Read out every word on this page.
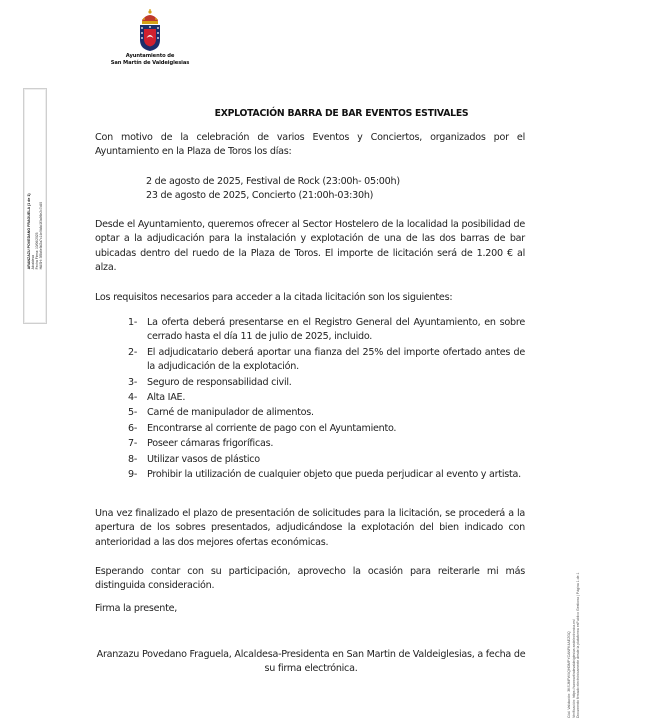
Ayuntamiento de
San Martín de Valdeiglesias
ARANZAZU POVEDANO FRAGUELA (1 de 1) Alcaldesa Fecha Firma: 10/06/2025 HASH: 3f5b6e9d2a7c14e0b8d1f3a96e2c7d40
Cód. Validación: 3KSJMFWXQHDMPYCANFK4AEZGQ Verificación: https://sanmartindevaldeiglesias.sedelectronica.es/ Documento firmado electrónicamente desde la plataforma esPublico Gestiona | Página 1 de 1
EXPLOTACIÓN BARRA DE BAR EVENTOS ESTIVALES

Con motivo de la celebración de varios Eventos y Conciertos, organizados por el Ayuntamiento en la Plaza de Toros los días:

2 de agosto de 2025, Festival de Rock (23:00h- 05:00h)
23 de agosto de 2025, Concierto (21:00h-03:30h)

Desde el Ayuntamiento, queremos ofrecer al Sector Hostelero de la localidad la posibilidad de optar a la adjudicación para la instalación y explotación de una de las dos barras de bar ubicadas dentro del ruedo de la Plaza de Toros. El importe de licitación será de 1.200 € al alza.

Los requisitos necesarios para acceder a la citada licitación son los siguientes:

1- La oferta deberá presentarse en el Registro General del Ayuntamiento, en sobre cerrado hasta el día 11 de julio de 2025, incluido.
2- El adjudicatario deberá aportar una fianza del 25% del importe ofertado antes de la adjudicación de la explotación.
3- Seguro de responsabilidad civil.
4- Alta IAE.
5- Carné de manipulador de alimentos.
6- Encontrarse al corriente de pago con el Ayuntamiento.
7- Poseer cámaras frigoríficas.
8- Utilizar vasos de plástico
9- Prohibir la utilización de cualquier objeto que pueda perjudicar al evento y artista.

Una vez finalizado el plazo de presentación de solicitudes para la licitación, se procederá a la apertura de los sobres presentados, adjudicándose la explotación del bien indicado con anterioridad a las dos mejores ofertas económicas.

Esperando contar con su participación, aprovecho la ocasión para reiterarle mi más distinguida consideración.

Firma la presente,

Aranzazu Povedano Fraguela, Alcaldesa-Presidenta en San Martin de Valdeiglesias, a fecha de su firma electrónica.
